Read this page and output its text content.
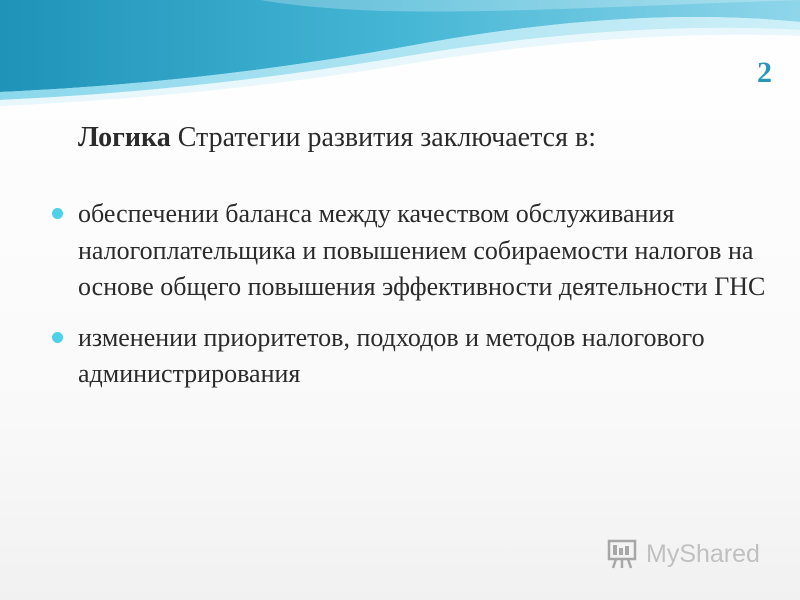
2
Логика Стратегии развития заключается в:
обеспечении баланса между качеством обслуживания налогоплательщика и повышением собираемости налогов на основе общего повышения эффективности деятельности ГНС
изменении приоритетов, подходов и методов налогового администрирования
MyShared
